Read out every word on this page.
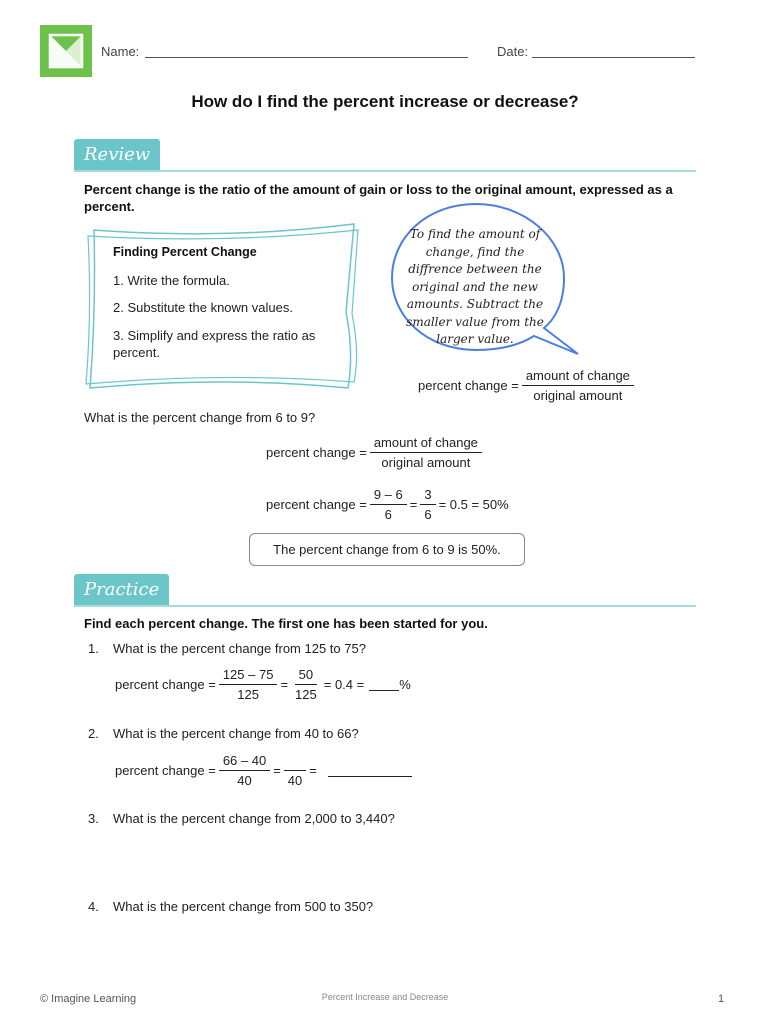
Name:	Date:
How do I find the percent increase or decrease?
Review
Percent change is the ratio of the amount of gain or loss to the original amount, expressed as a percent.
Finding Percent Change
1. Write the formula.
2. Substitute the known values.
3. Simplify and express the ratio as percent.
To find the amount of change, find the diffrence between the original and the new amounts. Subtract the smaller value from the larger value.
percent change = $\frac{\text{amount of change}}{\text{original amount}}$
What is the percent change from 6 to 9?
percent change = $\frac{\text{amount of change}}{\text{original amount}}$
percent change = $\frac{9 - 6}{6} = \frac{3}{6} = 0.5 = 50\%$
The percent change from 6 to 9 is 50%.
Practice
Find each percent change. The first one has been started for you.
1. What is the percent change from 125 to 75?
percent change = $\frac{125 - 75}{125} = \frac{50}{125} = 0.4$ =	%
2. What is the percent change from 40 to 66?
percent change = $\frac{66 - 40}{40}$ =
40
=
3. What is the percent change from 2,000 to 3,440?
4. What is the percent change from 500 to 350?
© Imagine Learning	Percent Increase and Decrease	1
